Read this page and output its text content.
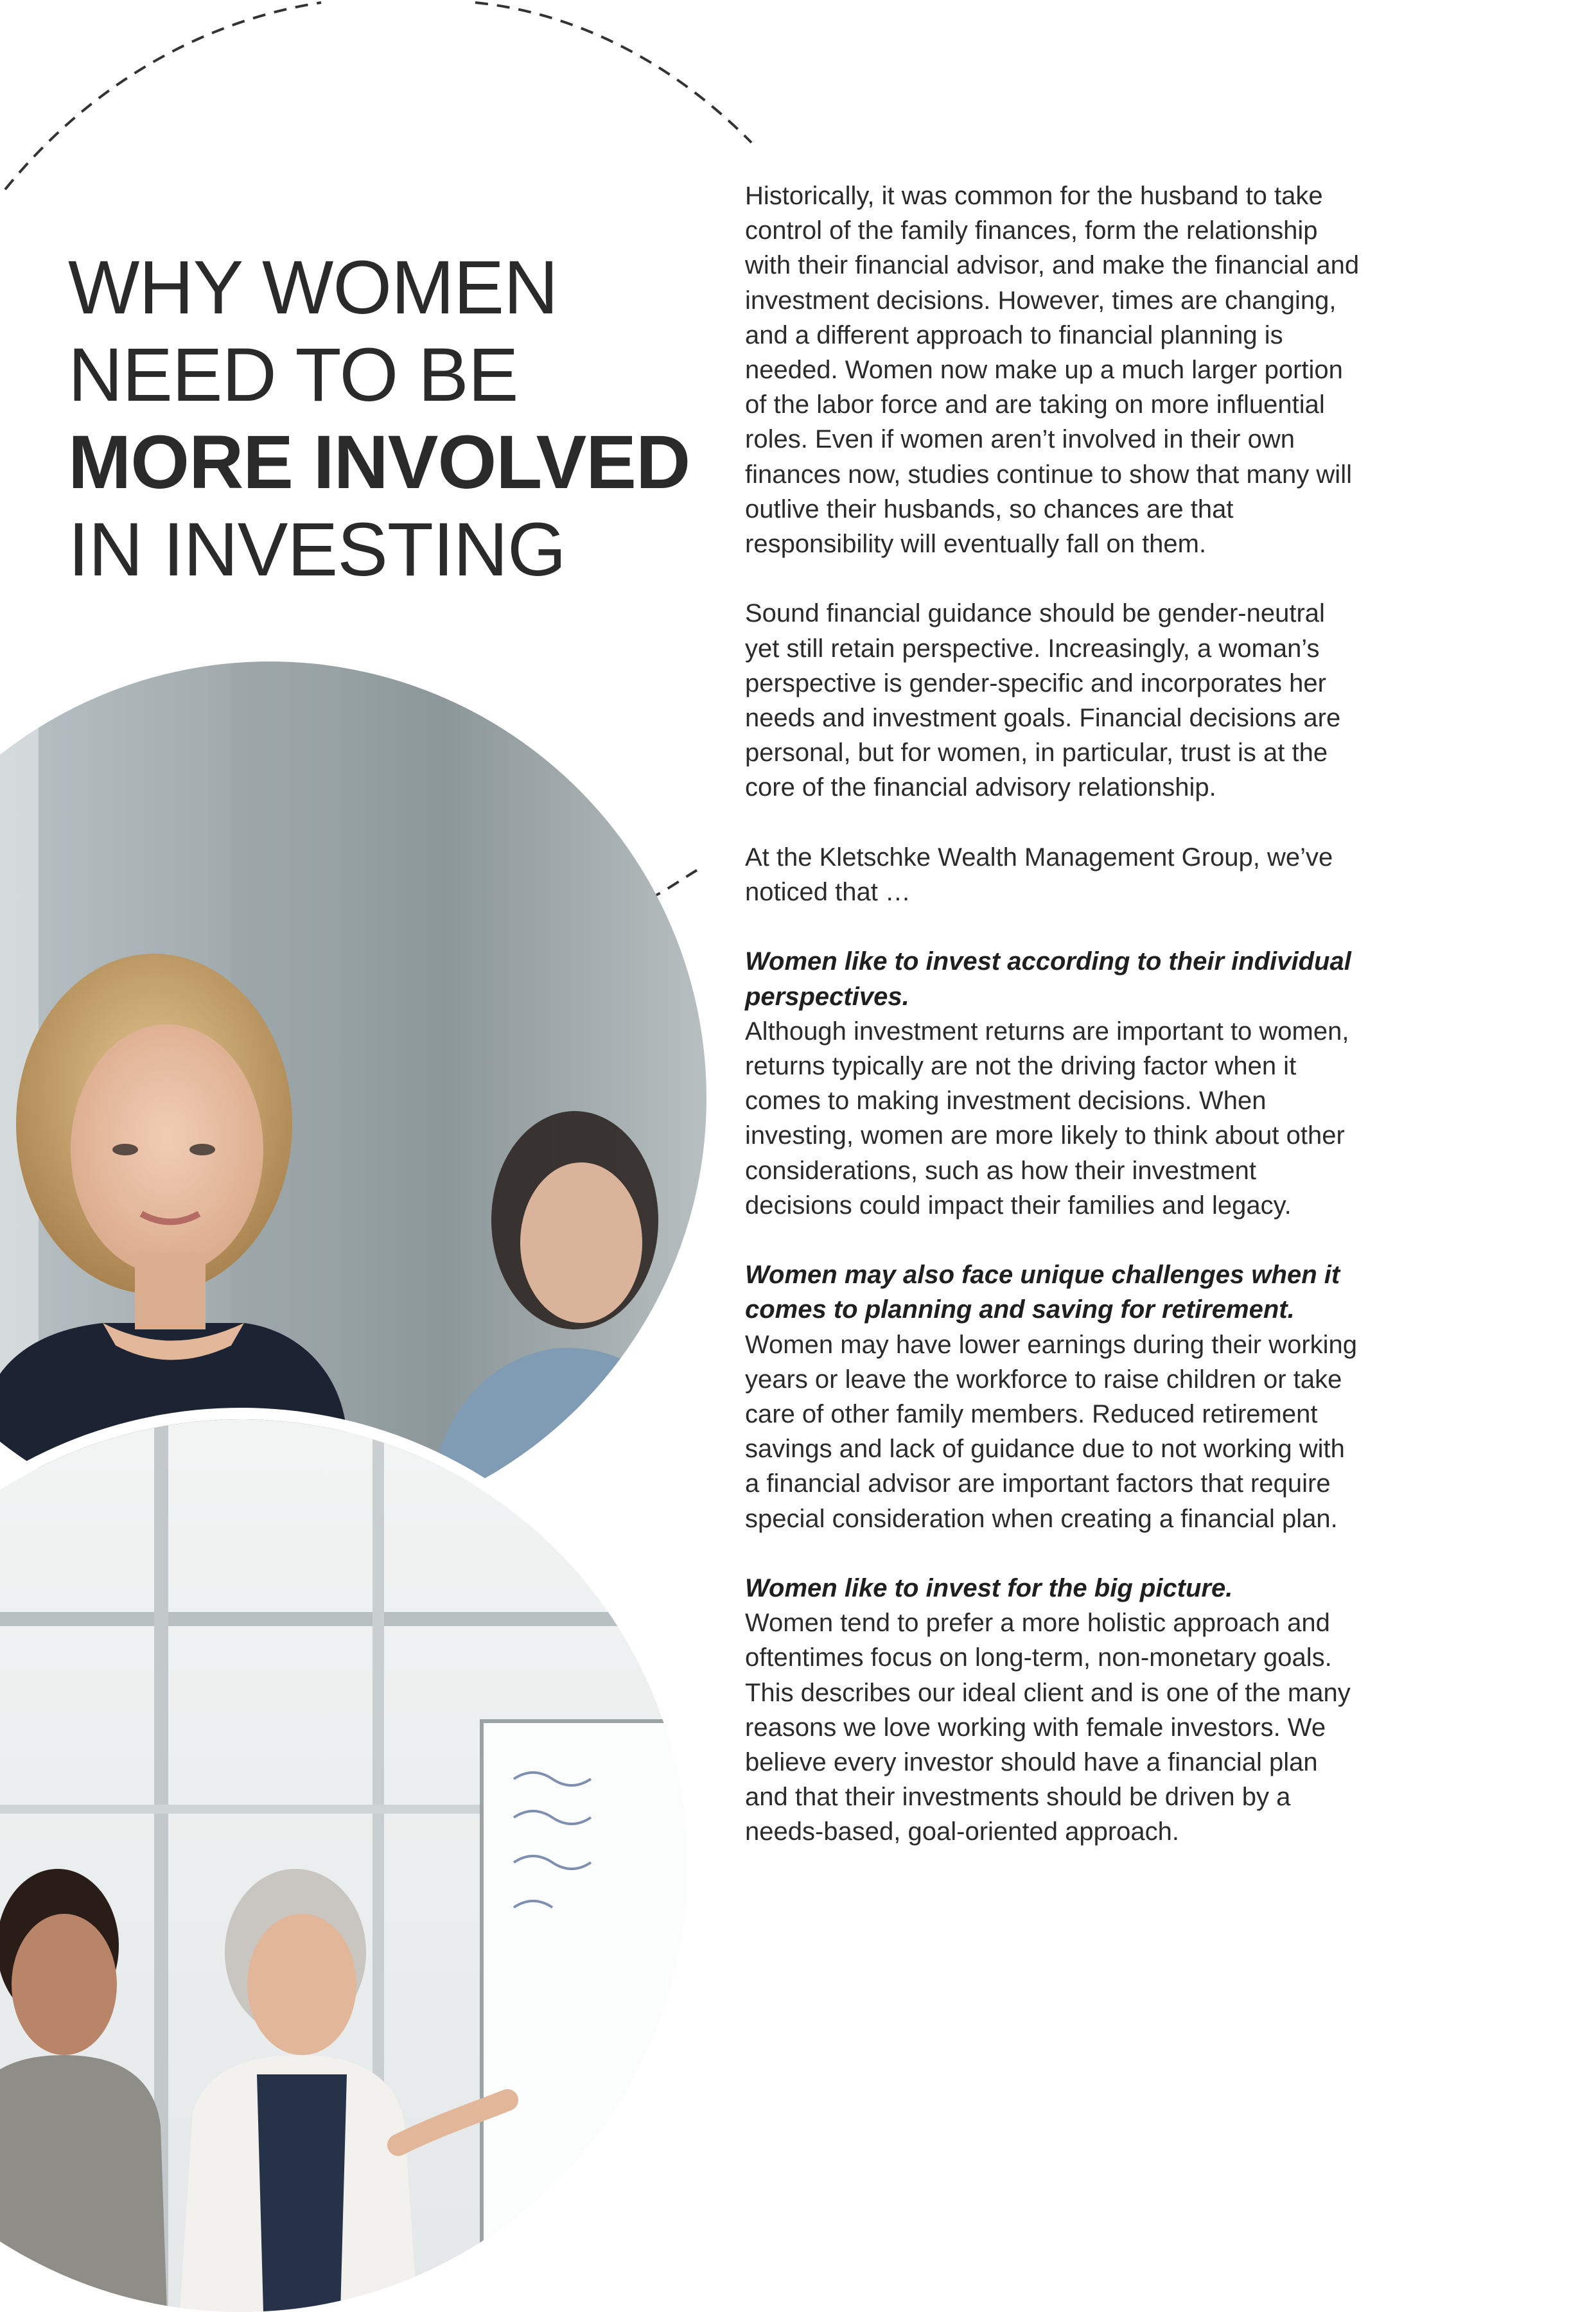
WHY WOMEN
NEED TO BE
MORE INVOLVED
IN INVESTING

Historically, it was common for the husband to take control of the family finances, form the relationship with their financial advisor, and make the financial and investment decisions. However, times are changing, and a different approach to financial planning is needed. Women now make up a much larger portion of the labor force and are taking on more influential roles. Even if women aren’t involved in their own finances now, studies continue to show that many will outlive their husbands, so chances are that responsibility will eventually fall on them.

Sound financial guidance should be gender-neutral yet still retain perspective. Increasingly, a woman’s perspective is gender-specific and incorporates her needs and investment goals. Financial decisions are personal, but for women, in particular, trust is at the core of the financial advisory relationship.

At the Kletschke Wealth Management Group, we’ve noticed that …

Women like to invest according to their individual perspectives.

Although investment returns are important to women, returns typically are not the driving factor when it comes to making investment decisions. When investing, women are more likely to think about other considerations, such as how their investment decisions could impact their families and legacy.

Women may also face unique challenges when it comes to planning and saving for retirement.

Women may have lower earnings during their working years or leave the workforce to raise children or take care of other family members. Reduced retirement savings and lack of guidance due to not working with a financial advisor are important factors that require special consideration when creating a financial plan.

Women like to invest for the big picture.

Women tend to prefer a more holistic approach and oftentimes focus on long-term, non-monetary goals. This describes our ideal client and is one of the many reasons we love working with female investors. We believe every investor should have a financial plan and that their investments should be driven by a needs-based, goal-oriented approach.
